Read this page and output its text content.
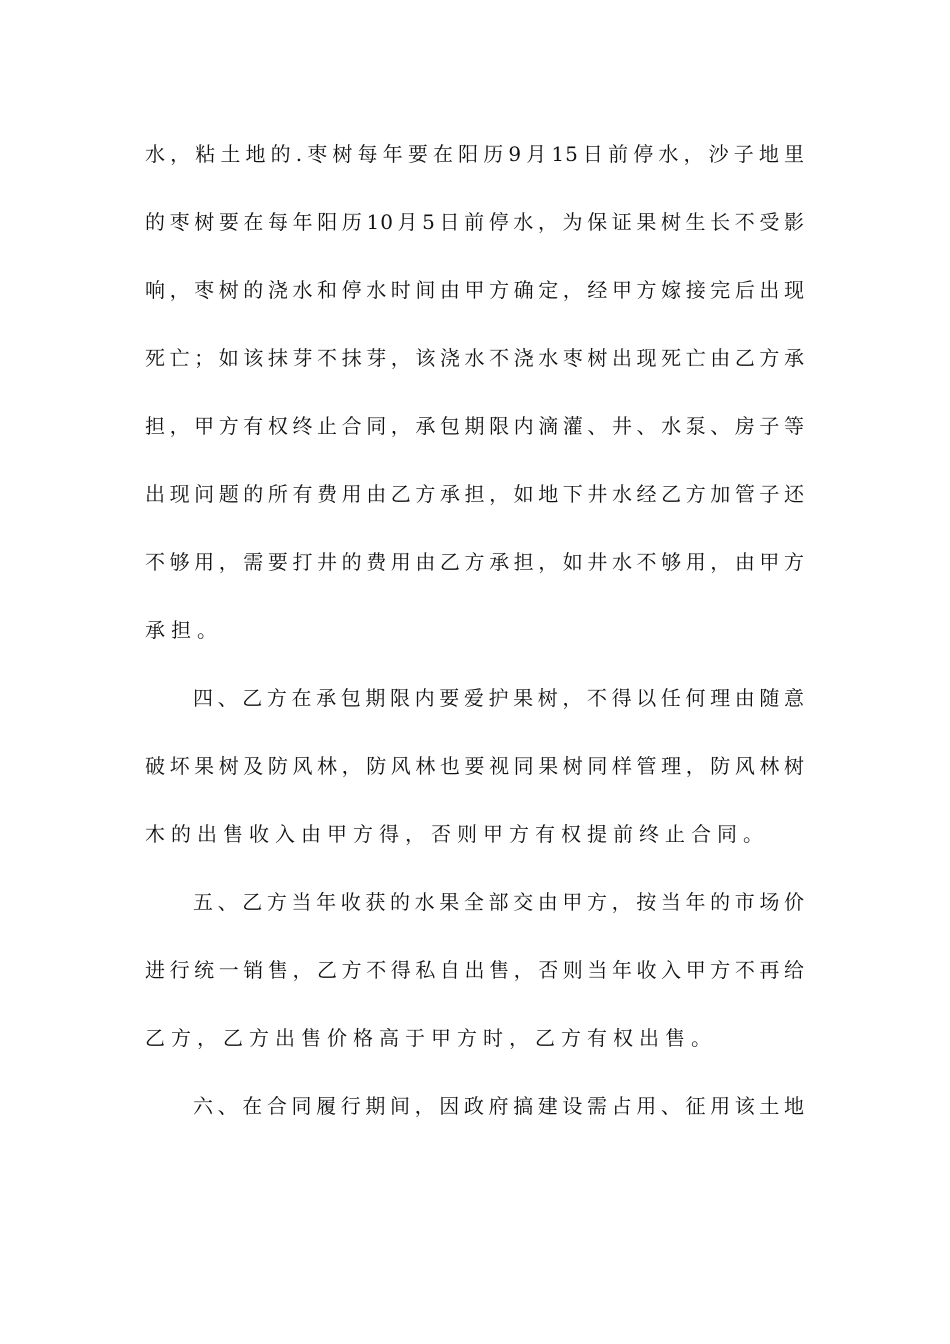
水，粘土地的.枣树每年要在阳历9月15日前停水，沙子地里
的枣树要在每年阳历10月5日前停水，为保证果树生长不受影
响，枣树的浇水和停水时间由甲方确定，经甲方嫁接完后出现
死亡；如该抹芽不抹芽，该浇水不浇水枣树出现死亡由乙方承
担，甲方有权终止合同，承包期限内滴灌、井、水泵、房子等
出现问题的所有费用由乙方承担，如地下井水经乙方加管子还
不够用，需要打井的费用由乙方承担，如井水不够用，由甲方
承担。
四、乙方在承包期限内要爱护果树，不得以任何理由随意
破坏果树及防风林，防风林也要视同果树同样管理，防风林树
木的出售收入由甲方得，否则甲方有权提前终止合同。
五、乙方当年收获的水果全部交由甲方，按当年的市场价
进行统一销售，乙方不得私自出售，否则当年收入甲方不再给
乙方，乙方出售价格高于甲方时，乙方有权出售。
六、在合同履行期间，因政府搞建设需占用、征用该土地
